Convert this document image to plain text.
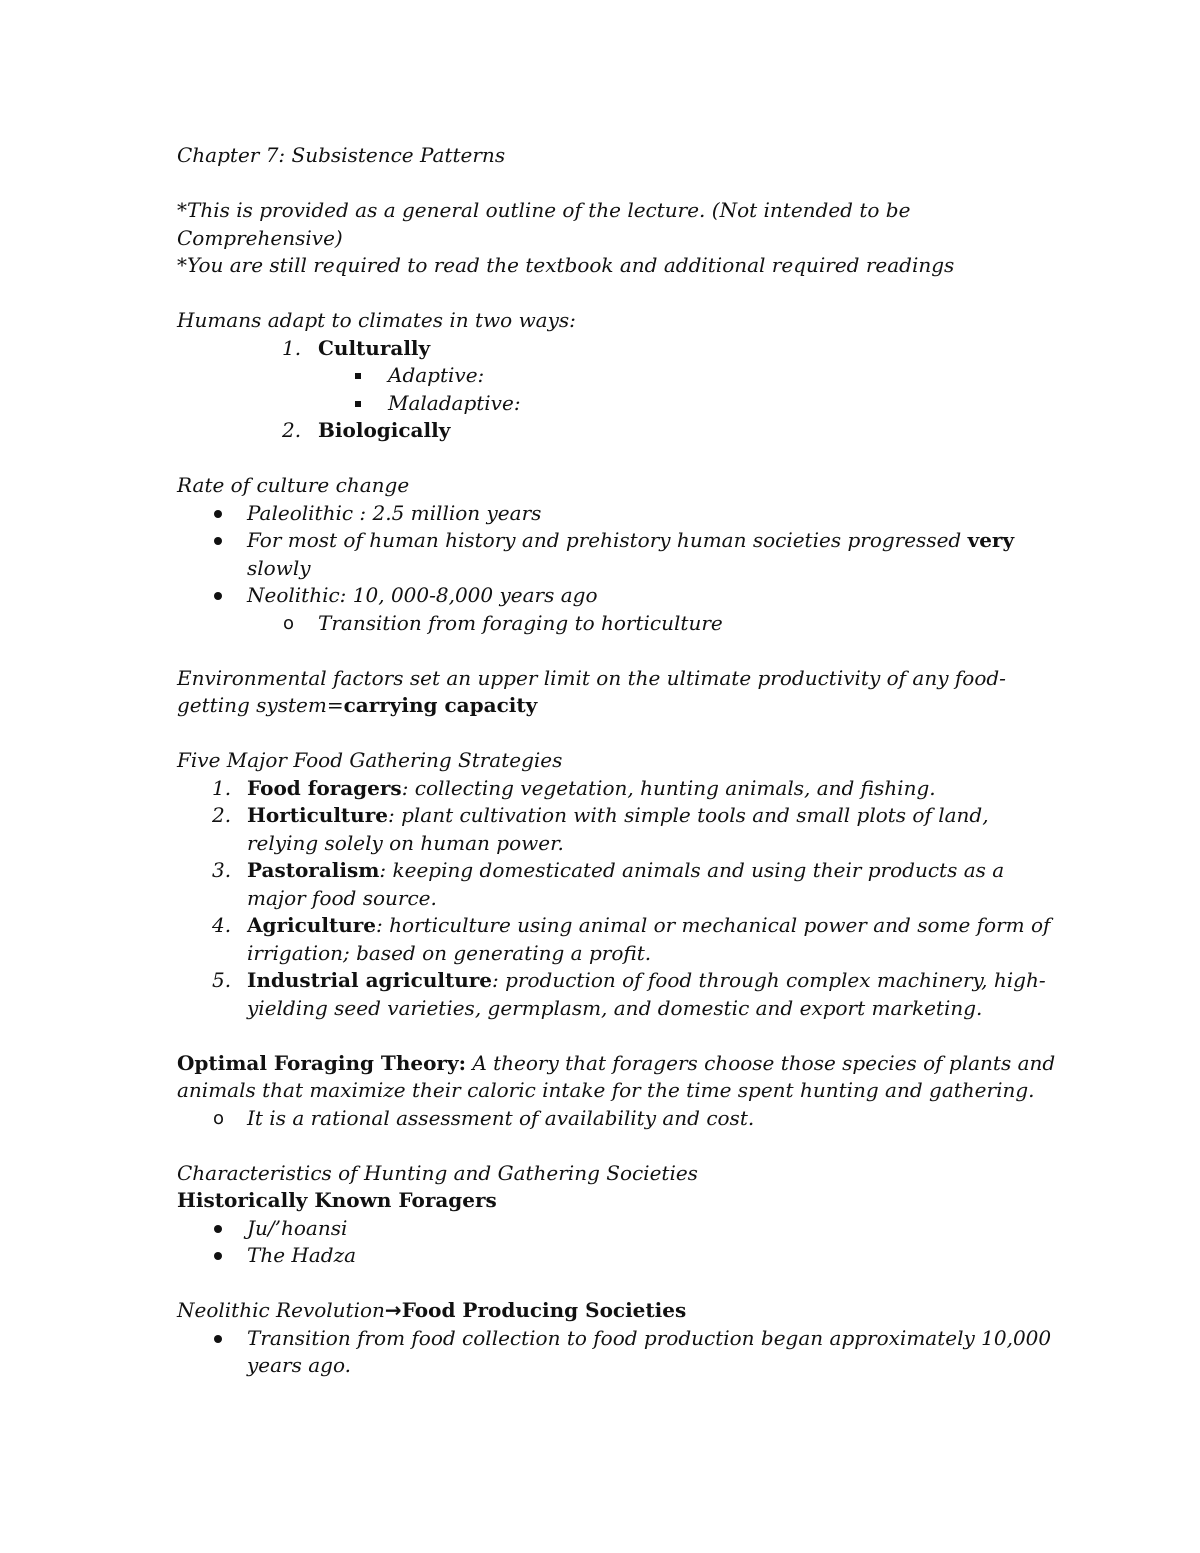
Chapter 7: Subsistence Patterns
*This is provided as a general outline of the lecture. (Not intended to be
Comprehensive)
*You are still required to read the textbook and additional required readings
Humans adapt to climates in two ways:
1. Culturally
Adaptive:
Maladaptive:
2. Biologically
Rate of culture change
Paleolithic : 2.5 million years
For most of human history and prehistory human societies progressed very
slowly
Neolithic: 10, 000-8,000 years ago
o Transition from foraging to horticulture
Environmental factors set an upper limit on the ultimate productivity of any food-
getting system=carrying capacity
Five Major Food Gathering Strategies
1. Food foragers: collecting vegetation, hunting animals, and fishing.
2. Horticulture: plant cultivation with simple tools and small plots of land,
relying solely on human power.
3. Pastoralism: keeping domesticated animals and using their products as a
major food source.
4. Agriculture: horticulture using animal or mechanical power and some form of
irrigation; based on generating a profit.
5. Industrial agriculture: production of food through complex machinery, high-
yielding seed varieties, germplasm, and domestic and export marketing.
Optimal Foraging Theory: A theory that foragers choose those species of plants and
animals that maximize their caloric intake for the time spent hunting and gathering.
o It is a rational assessment of availability and cost.
Characteristics of Hunting and Gathering Societies
Historically Known Foragers
Ju/’hoansi
The Hadza
Neolithic Revolution→Food Producing Societies
Transition from food collection to food production began approximately 10,000
years ago.
